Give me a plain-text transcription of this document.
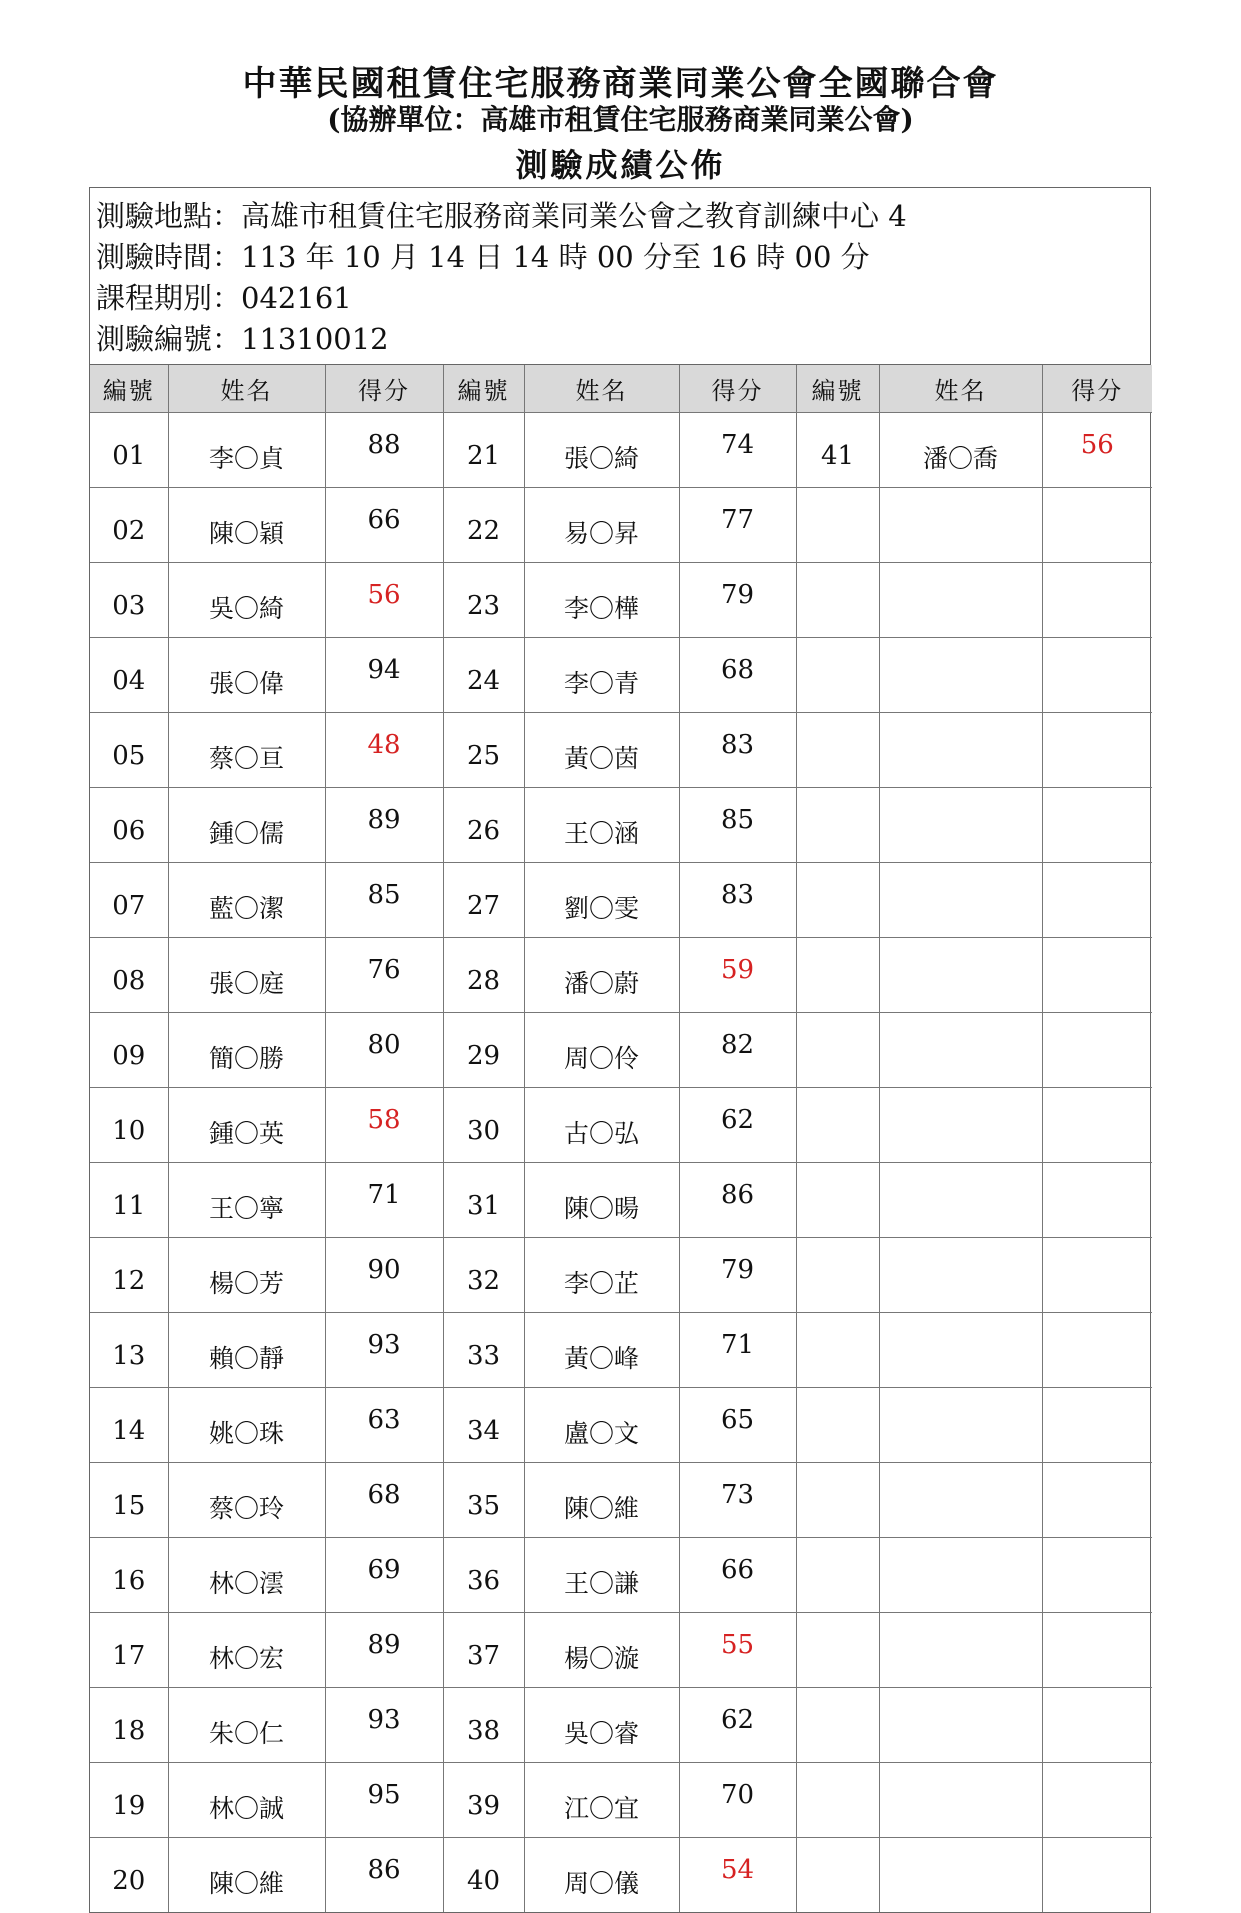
中華民國租賃住宅服務商業同業公會全國聯合會
(協辦單位：高雄市租賃住宅服務商業同業公會)
測驗成績公佈
測驗地點：高雄市租賃住宅服務商業同業公會之教育訓練中心 4
測驗時間：113 年 10 月 14 日 14 時 00 分至 16 時 00 分
課程期別：042161
測驗編號：11310012
編號	姓名	得分	編號	姓名	得分	編號	姓名	得分
01	李〇貞	88	21	張〇綺	74	41	潘〇喬	56
02	陳〇穎	66	22	易〇昇	77			
03	吳〇綺	56	23	李〇樺	79			
04	張〇偉	94	24	李〇青	68			
05	蔡〇亘	48	25	黃〇茵	83			
06	鍾〇儒	89	26	王〇涵	85			
07	藍〇潔	85	27	劉〇雯	83			
08	張〇庭	76	28	潘〇蔚	59			
09	簡〇勝	80	29	周〇伶	82			
10	鍾〇英	58	30	古〇弘	62			
11	王〇寧	71	31	陳〇暘	86			
12	楊〇芳	90	32	李〇芷	79			
13	賴〇靜	93	33	黃〇峰	71			
14	姚〇珠	63	34	盧〇文	65			
15	蔡〇玲	68	35	陳〇維	73			
16	林〇澐	69	36	王〇謙	66			
17	林〇宏	89	37	楊〇漩	55			
18	朱〇仁	93	38	吳〇睿	62			
19	林〇誠	95	39	江〇宜	70			
20	陳〇維	86	40	周〇儀	54			
